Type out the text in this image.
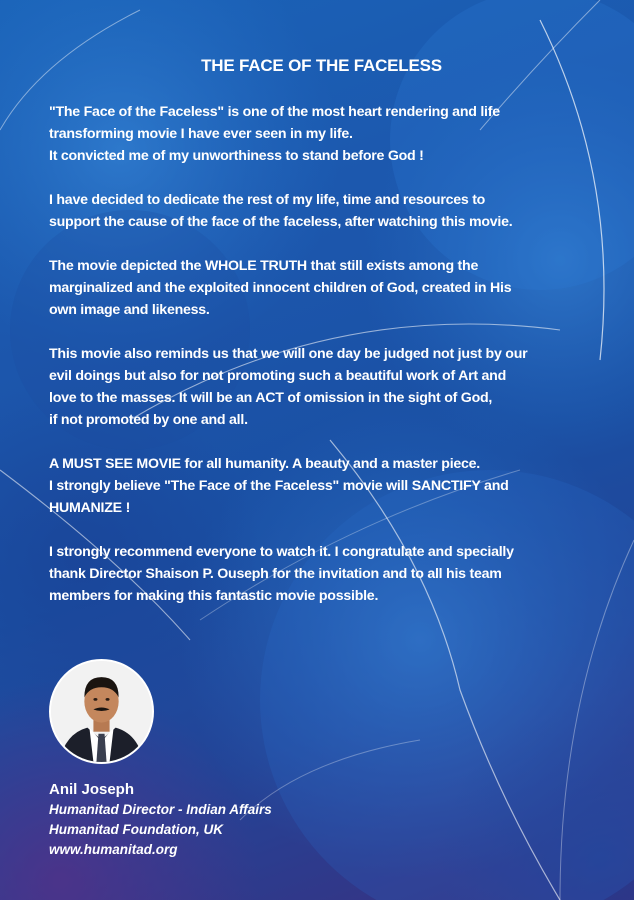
THE FACE OF THE FACELESS

"The Face of the Faceless" is one of the most heart rendering and life
transforming movie I have ever seen in my life.
It convicted me of my unworthiness to stand before God !

I have decided to dedicate the rest of my life, time and resources to
support the cause of the face of the faceless, after watching this movie.

The movie depicted the WHOLE TRUTH that still exists among the
marginalized and the exploited innocent children of God, created in His
own image and likeness.

This movie also reminds us that we will one day be judged not just by our
evil doings but also for not promoting such a beautiful work of Art and
love to the masses. It will be an ACT of omission in the sight of God,
if not promoted by one and all.

A MUST SEE MOVIE for all humanity. A beauty and a master piece.
I strongly believe "The Face of the Faceless" movie will SANCTIFY and
HUMANIZE !

I strongly recommend everyone to watch it. I congratulate and specially
thank Director Shaison P. Ouseph for the invitation and to all his team
members for making this fantastic movie possible.

Anil Joseph

Humanitad Director - Indian Affairs

Humanitad Foundation, UK

www.humanitad.org
